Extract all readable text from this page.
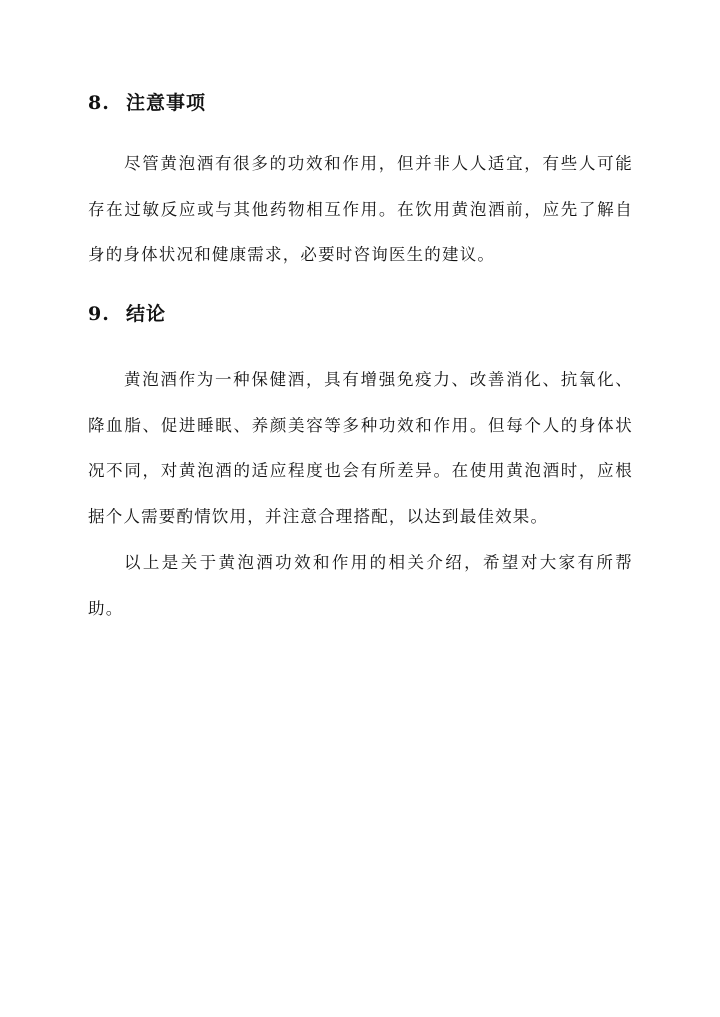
8. 注意事项

尽管黄泡酒有很多的功效和作用，但并非人人适宜，有些人可能存在过敏反应或与其他药物相互作用。在饮用黄泡酒前，应先了解自身的身体状况和健康需求，必要时咨询医生的建议。

9. 结论

黄泡酒作为一种保健酒，具有增强免疫力、改善消化、抗氧化、降血脂、促进睡眠、养颜美容等多种功效和作用。但每个人的身体状况不同，对黄泡酒的适应程度也会有所差异。在使用黄泡酒时，应根据个人需要酌情饮用，并注意合理搭配，以达到最佳效果。

以上是关于黄泡酒功效和作用的相关介绍，希望对大家有所帮助。
